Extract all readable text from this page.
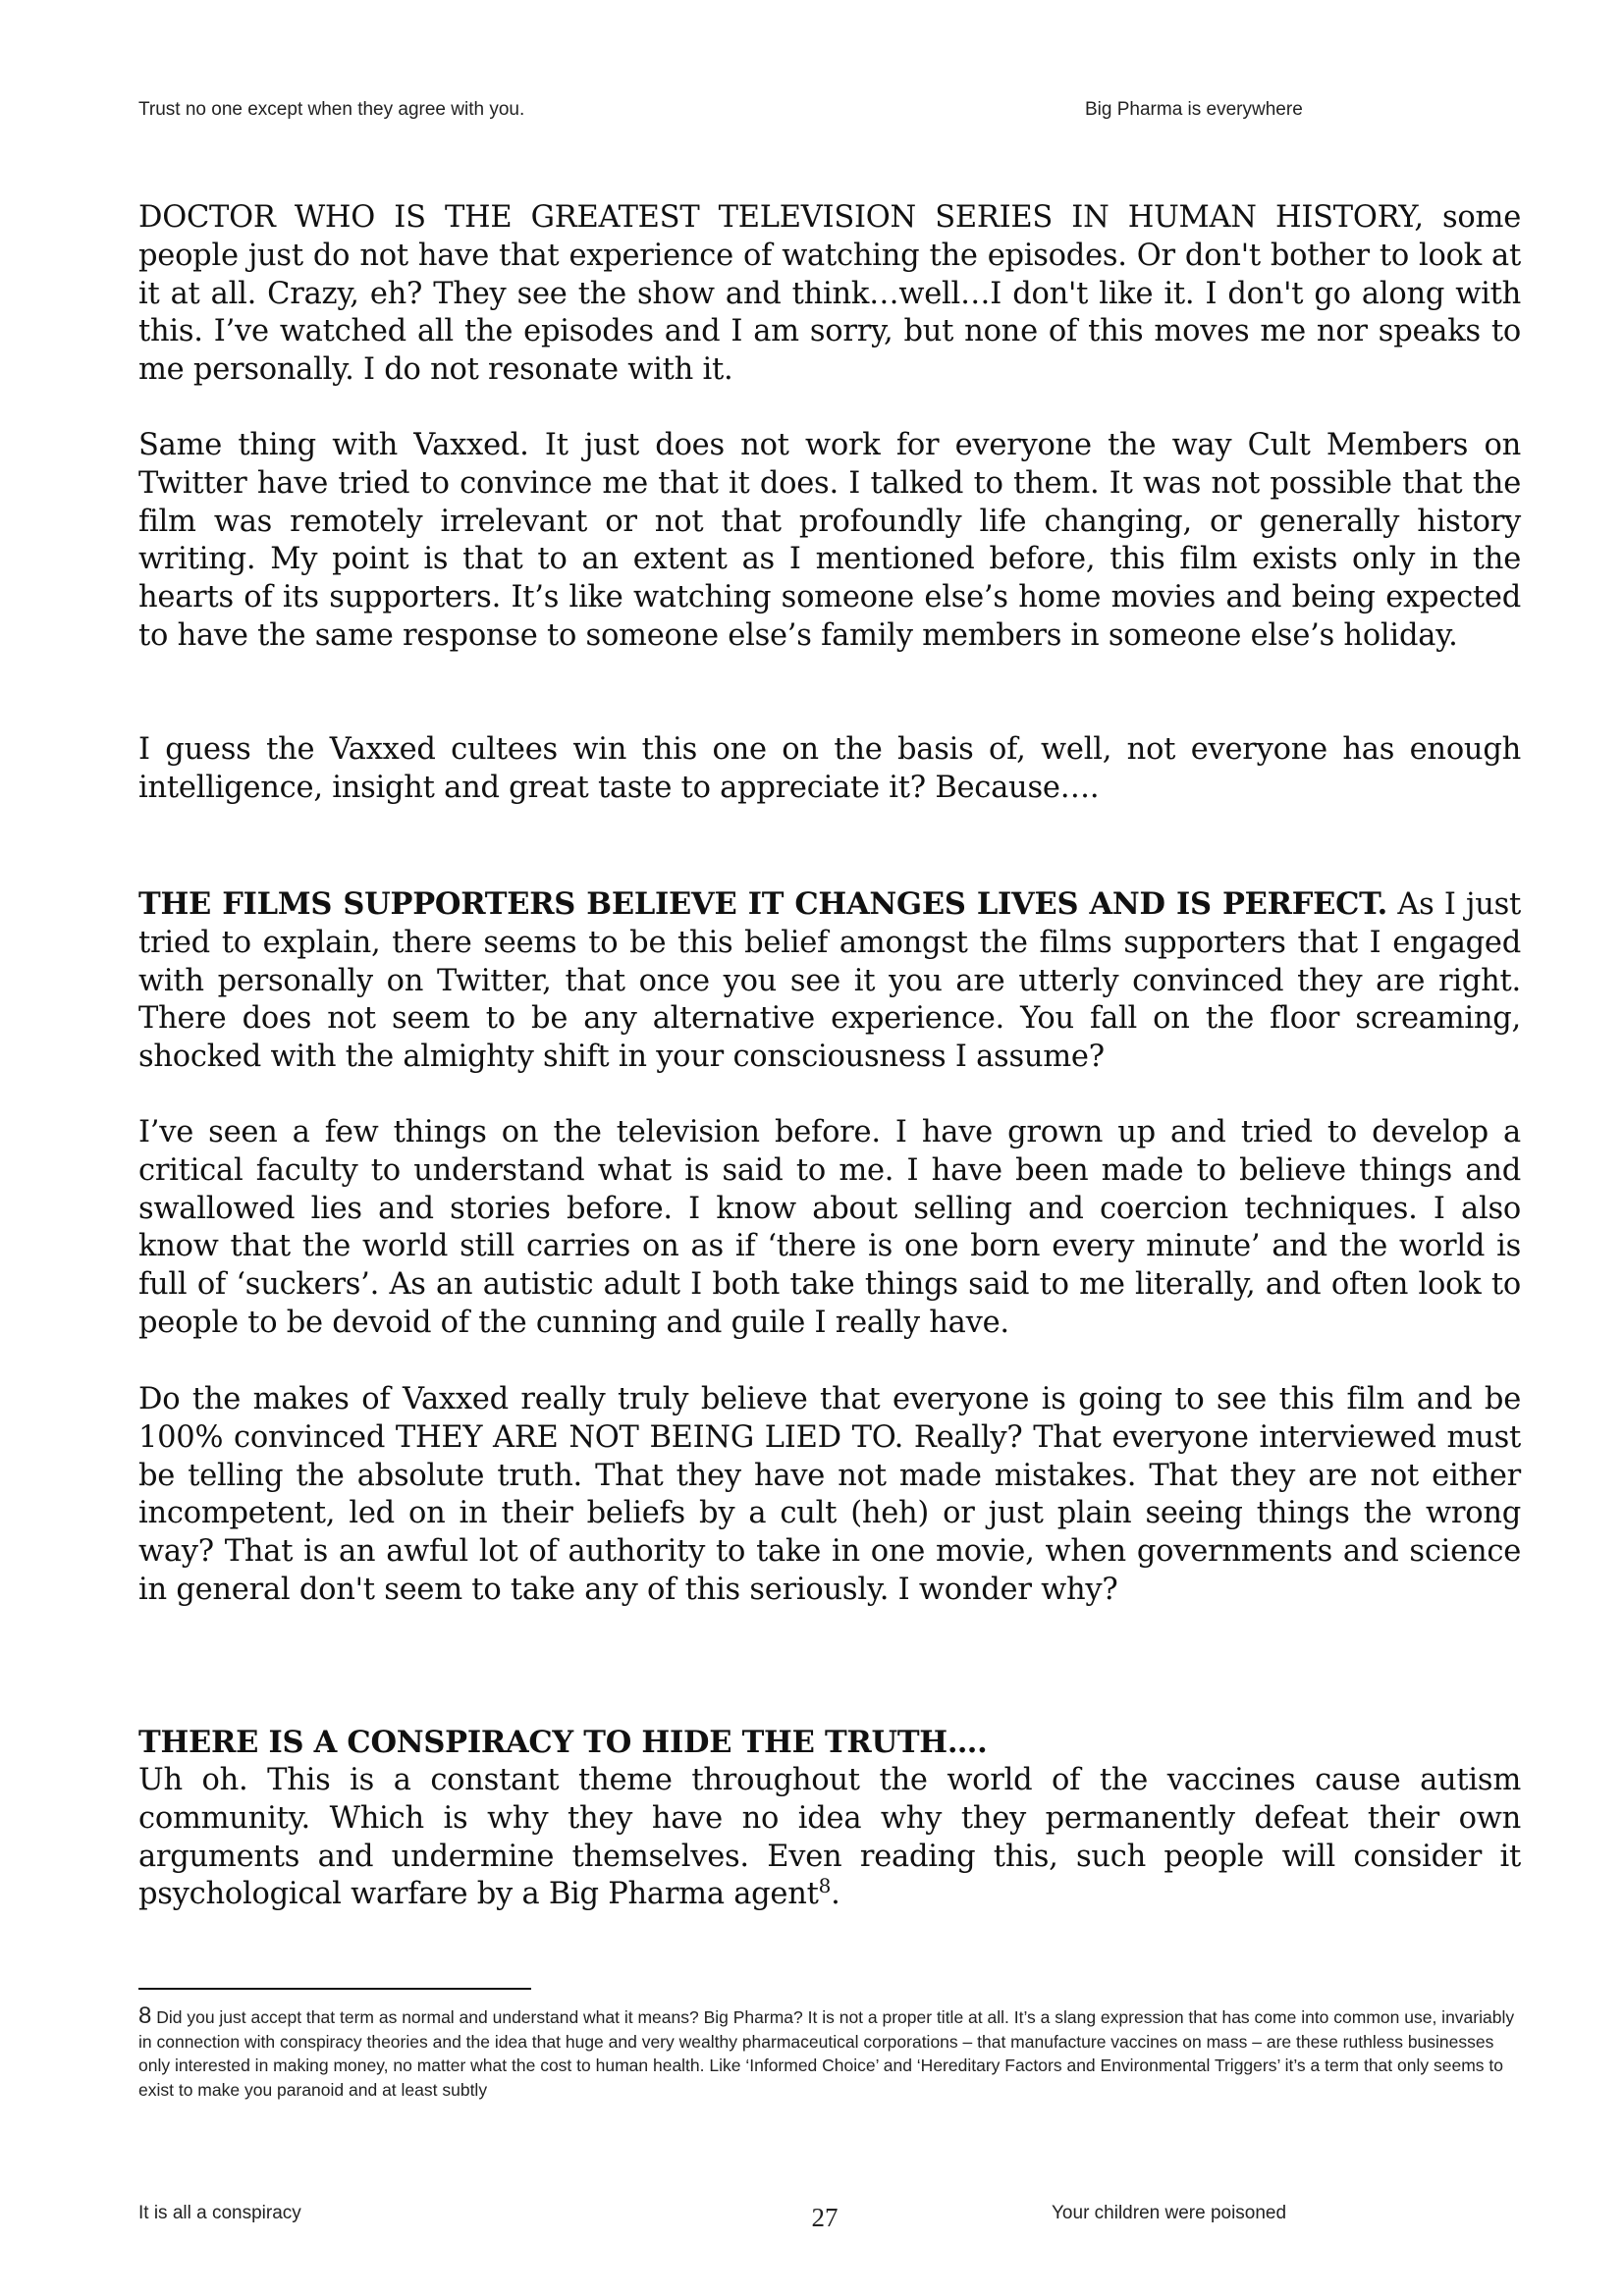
Trust no one except when they agree with you.	Big Pharma is everywhere

DOCTOR WHO IS THE GREATEST TELEVISION SERIES IN HUMAN HISTORY, some people just do not have that experience of watching the episodes. Or don't bother to look at it at all. Crazy, eh? They see the show and think…well…I don't like it. I don't go along with this. I’ve watched all the episodes and I am sorry, but none of this moves me nor speaks to me personally. I do not resonate with it.

Same thing with Vaxxed. It just does not work for everyone the way Cult Members on Twitter have tried to convince me that it does. I talked to them. It was not possible that the film was remotely irrelevant or not that profoundly life changing, or generally history writing. My point is that to an extent as I mentioned before, this film exists only in the hearts of its supporters. It’s like watching someone else’s home movies and being expected to have the same response to someone else’s family members in someone else’s holiday.

I guess the Vaxxed cultees win this one on the basis of, well, not everyone has enough intelligence, insight and great taste to appreciate it? Because….

THE FILMS SUPPORTERS BELIEVE IT CHANGES LIVES AND IS PERFECT. As I just tried to explain, there seems to be this belief amongst the films supporters that I engaged with personally on Twitter, that once you see it you are utterly convinced they are right. There does not seem to be any alternative experience. You fall on the floor screaming, shocked with the almighty shift in your consciousness I assume?

I’ve seen a few things on the television before. I have grown up and tried to develop a critical faculty to understand what is said to me. I have been made to believe things and swallowed lies and stories before. I know about selling and coercion techniques. I also know that the world still carries on as if ‘there is one born every minute’ and the world is full of ‘suckers’. As an autistic adult I both take things said to me literally, and often look to people to be devoid of the cunning and guile I really have.

Do the makes of Vaxxed really truly believe that everyone is going to see this film and be 100% convinced THEY ARE NOT BEING LIED TO. Really? That everyone interviewed must be telling the absolute truth. That they have not made mistakes. That they are not either incompetent, led on in their beliefs by a cult (heh) or just plain seeing things the wrong way? That is an awful lot of authority to take in one movie, when governments and science in general don't seem to take any of this seriously. I wonder why?

THERE IS A CONSPIRACY TO HIDE THE TRUTH….

Uh oh. This is a constant theme throughout the world of the vaccines cause autism community. Which is why they have no idea why they permanently defeat their own arguments and undermine themselves. Even reading this, such people will consider it psychological warfare by a Big Pharma agent$^8$.

8 Did you just accept that term as normal and understand what it means? Big Pharma? It is not a proper title at all. It’s a slang expression that has come into common use, invariably in connection with conspiracy theories and the idea that huge and very wealthy pharmaceutical corporations – that manufacture vaccines on mass – are these ruthless businesses only interested in making money, no matter what the cost to human health. Like ‘Informed Choice’ and ‘Hereditary Factors and Environmental Triggers’ it’s a term that only seems to exist to make you paranoid and at least subtly

It is all a conspiracy	27	Your children were poisoned
